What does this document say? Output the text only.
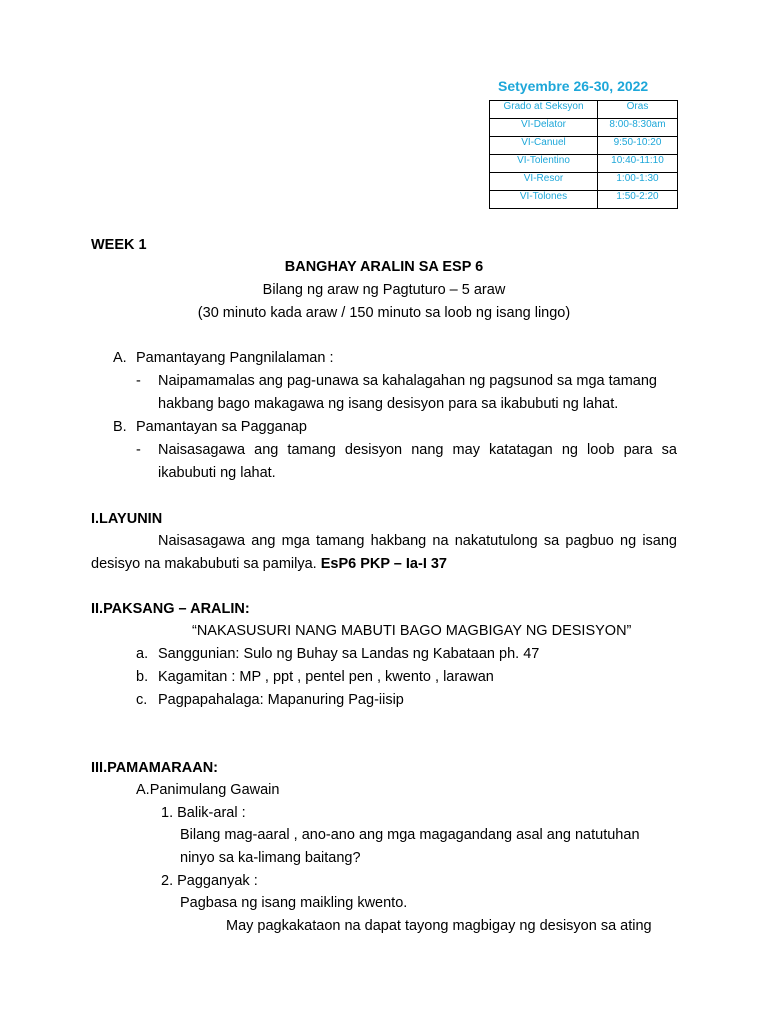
Setyembre 26-30, 2022
Grado at Seksyon	Oras
VI-Delator	8:00-8:30am
VI-Canuel	9:50-10:20
VI-Tolentino	10:40-11:10
VI-Resor	1:00-1:30
VI-Tolones	1:50-2:20
WEEK 1
BANGHAY ARALIN SA ESP 6
Bilang ng araw ng Pagtuturo – 5 araw
(30 minuto kada araw / 150 minuto sa loob ng isang lingo)
A. Pamantayang Pangnilalaman :
- Naipamamalas ang pag-unawa sa kahalagahan ng pagsunod sa mga tamang
hakbang bago makagawa ng isang desisyon para sa ikabubuti ng lahat.
B. Pamantayan sa Pagganap
- Naisasagawa ang tamang desisyon nang may katatagan ng loob para sa
ikabubuti ng lahat.
I.LAYUNIN
Naisasagawa ang mga tamang hakbang na nakatutulong sa pagbuo ng isang
desisyo na makabubuti sa pamilya. EsP6 PKP – Ia-I 37
II.PAKSANG – ARALIN:
“NAKASUSURI NANG MABUTI BAGO MAGBIGAY NG DESISYON”
a. Sanggunian: Sulo ng Buhay sa Landas ng Kabataan ph. 47
b. Kagamitan : MP , ppt , pentel pen , kwento , larawan
c. Pagpapahalaga: Mapanuring Pag-iisip
III.PAMAMARAAN:
A.Panimulang Gawain
1. Balik-aral :
Bilang mag-aaral , ano-ano ang mga magagandang asal ang natutuhan
ninyo sa ka-limang baitang?
2. Pagganyak :
Pagbasa ng isang maikling kwento.
May pagkakataon na dapat tayong magbigay ng desisyon sa ating
